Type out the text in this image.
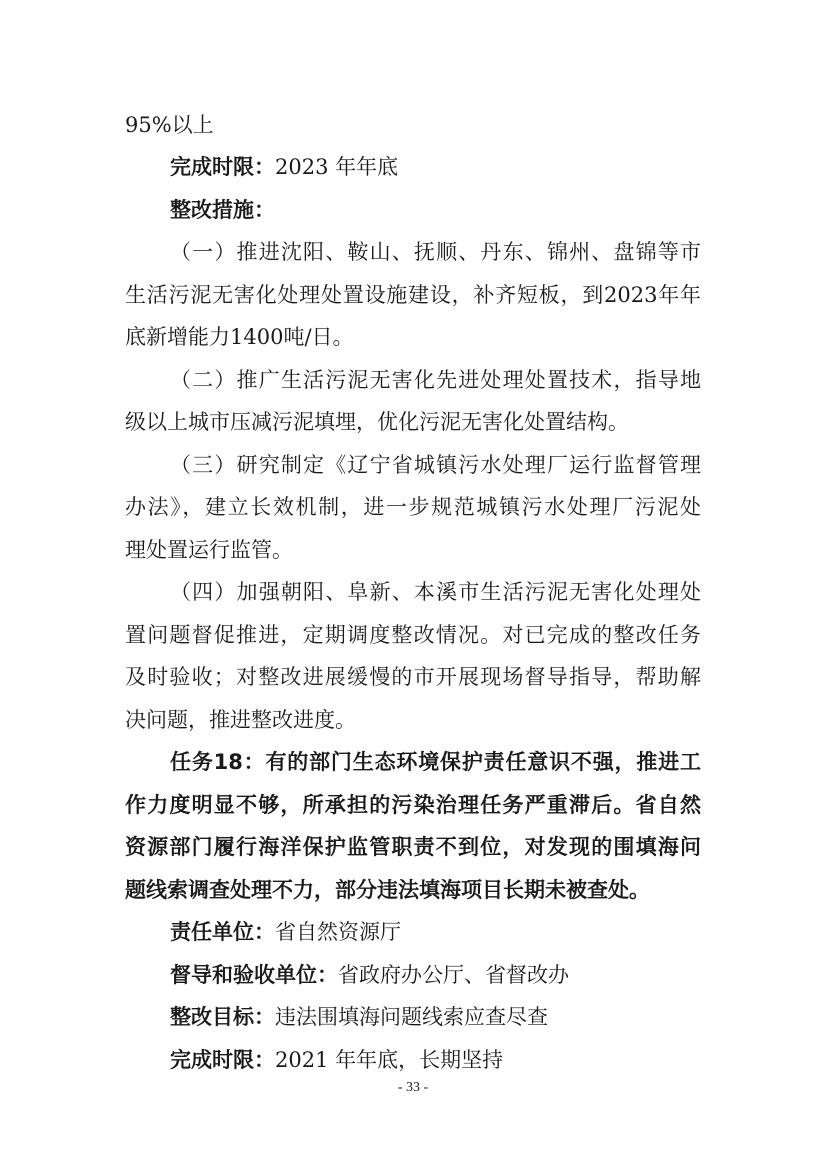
95%以上
完成时限：2023 年年底
整改措施：
（一）推进沈阳、鞍山、抚顺、丹东、锦州、盘锦等市
生活污泥无害化处理处置设施建设，补齐短板，到2023年年
底新增能力1400吨/日。
（二）推广生活污泥无害化先进处理处置技术，指导地
级以上城市压减污泥填埋，优化污泥无害化处置结构。
（三）研究制定《辽宁省城镇污水处理厂运行监督管理
办法》，建立长效机制，进一步规范城镇污水处理厂污泥处
理处置运行监管。
（四）加强朝阳、阜新、本溪市生活污泥无害化处理处
置问题督促推进，定期调度整改情况。对已完成的整改任务
及时验收；对整改进展缓慢的市开展现场督导指导，帮助解
决问题，推进整改进度。
任务18：有的部门生态环境保护责任意识不强，推进工
作力度明显不够，所承担的污染治理任务严重滞后。省自然
资源部门履行海洋保护监管职责不到位，对发现的围填海问
题线索调查处理不力，部分违法填海项目长期未被查处。
责任单位：省自然资源厅
督导和验收单位：省政府办公厅、省督改办
整改目标：违法围填海问题线索应查尽查
完成时限：2021 年年底，长期坚持
- 33 -
